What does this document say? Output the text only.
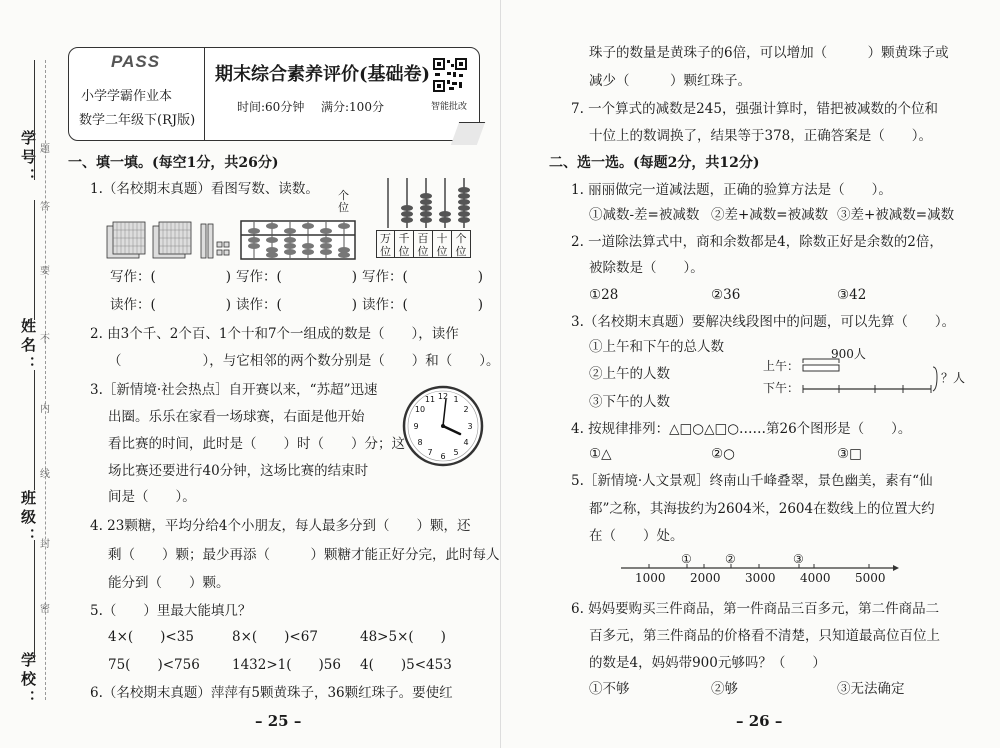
学号：
姓名：
班级：
学校：
题
答
要
不
内
线
封
密
PASS
小学学霸作业本
数学二年级下(RJ版)
期末综合素养评价(基础卷)
时间:60分钟 满分:100分	智能批改
一、填一填。(每空1分，共26分)
1.（名校期末真题）看图写数、读数。 个
位
万位
千位
百位
十位
个位
写作：(	) 写作：(	) 写作：(	)
读作：(	) 读作：(	) 读作：(	)
2. 由3个千、2个百、1个十和7个一组成的数是（　　），读作
（　　　　　　），与它相邻的两个数分别是（　　）和（　　）。
3.［新情境·社会热点］自开赛以来，“苏超”迅速
出圈。乐乐在家看一场球赛，右面是他开始
看比赛的时间，此时是（　　）时（　　）分；这
场比赛还要进行40分钟，这场比赛的结束时
间是（　　）。
12 1
2
3
4
5
6
7
8
9
10
11
4. 23颗糖，平均分给4个小朋友，每人最多分到（　　）颗，还
剩（　　）颗；最少再添（　　　）颗糖才能正好分完，此时每人
能分到（　　）颗。
5.（　　）里最大能填几？
4×(　　)<35	8×(　　)<67	48>5×(　　)
75(　　)<756 1432>1(　　)56 4(　　)5<453
6.（名校期末真题）萍萍有5颗黄珠子，36颗红珠子。要使红
– 25 –
珠子的数量是黄珠子的6倍，可以增加（　　　）颗黄珠子或
减少（　　　）颗红珠子。
7. 一个算式的减数是245，强强计算时，错把被减数的个位和
十位上的数调换了，结果等于378，正确答案是（　　）。
二、选一选。(每题2分，共12分)
1. 丽丽做完一道减法题，正确的验算方法是（　　）。
①减数-差=被减数 ②差+减数=被减数 ③差+被减数=减数
2. 一道除法算式中，商和余数都是4，除数正好是余数的2倍，
被除数是（　　）。
①28	②36	③42
3.（名校期末真题）要解决线段图中的问题，可以先算（　　）。
①上午和下午的总人数
②上午的人数
③下午的人数
900人
上午：
下午：
？人
4. 按规律排列：△□○△□○……第26个图形是（　　）。
①△	②○	③□
5.［新情境·人文景观］终南山千峰叠翠，景色幽美，素有“仙
都”之称，其海拔约为2604米，2604在数线上的位置大约
在（　　）处。
①	②	③
1000 2000 3000 4000 5000
6. 妈妈要购买三件商品，第一件商品三百多元，第二件商品二
百多元，第三件商品的价格看不清楚，只知道最高位百位上
的数是4，妈妈带900元够吗？（　　）
①不够	②够	③无法确定
– 26 –
